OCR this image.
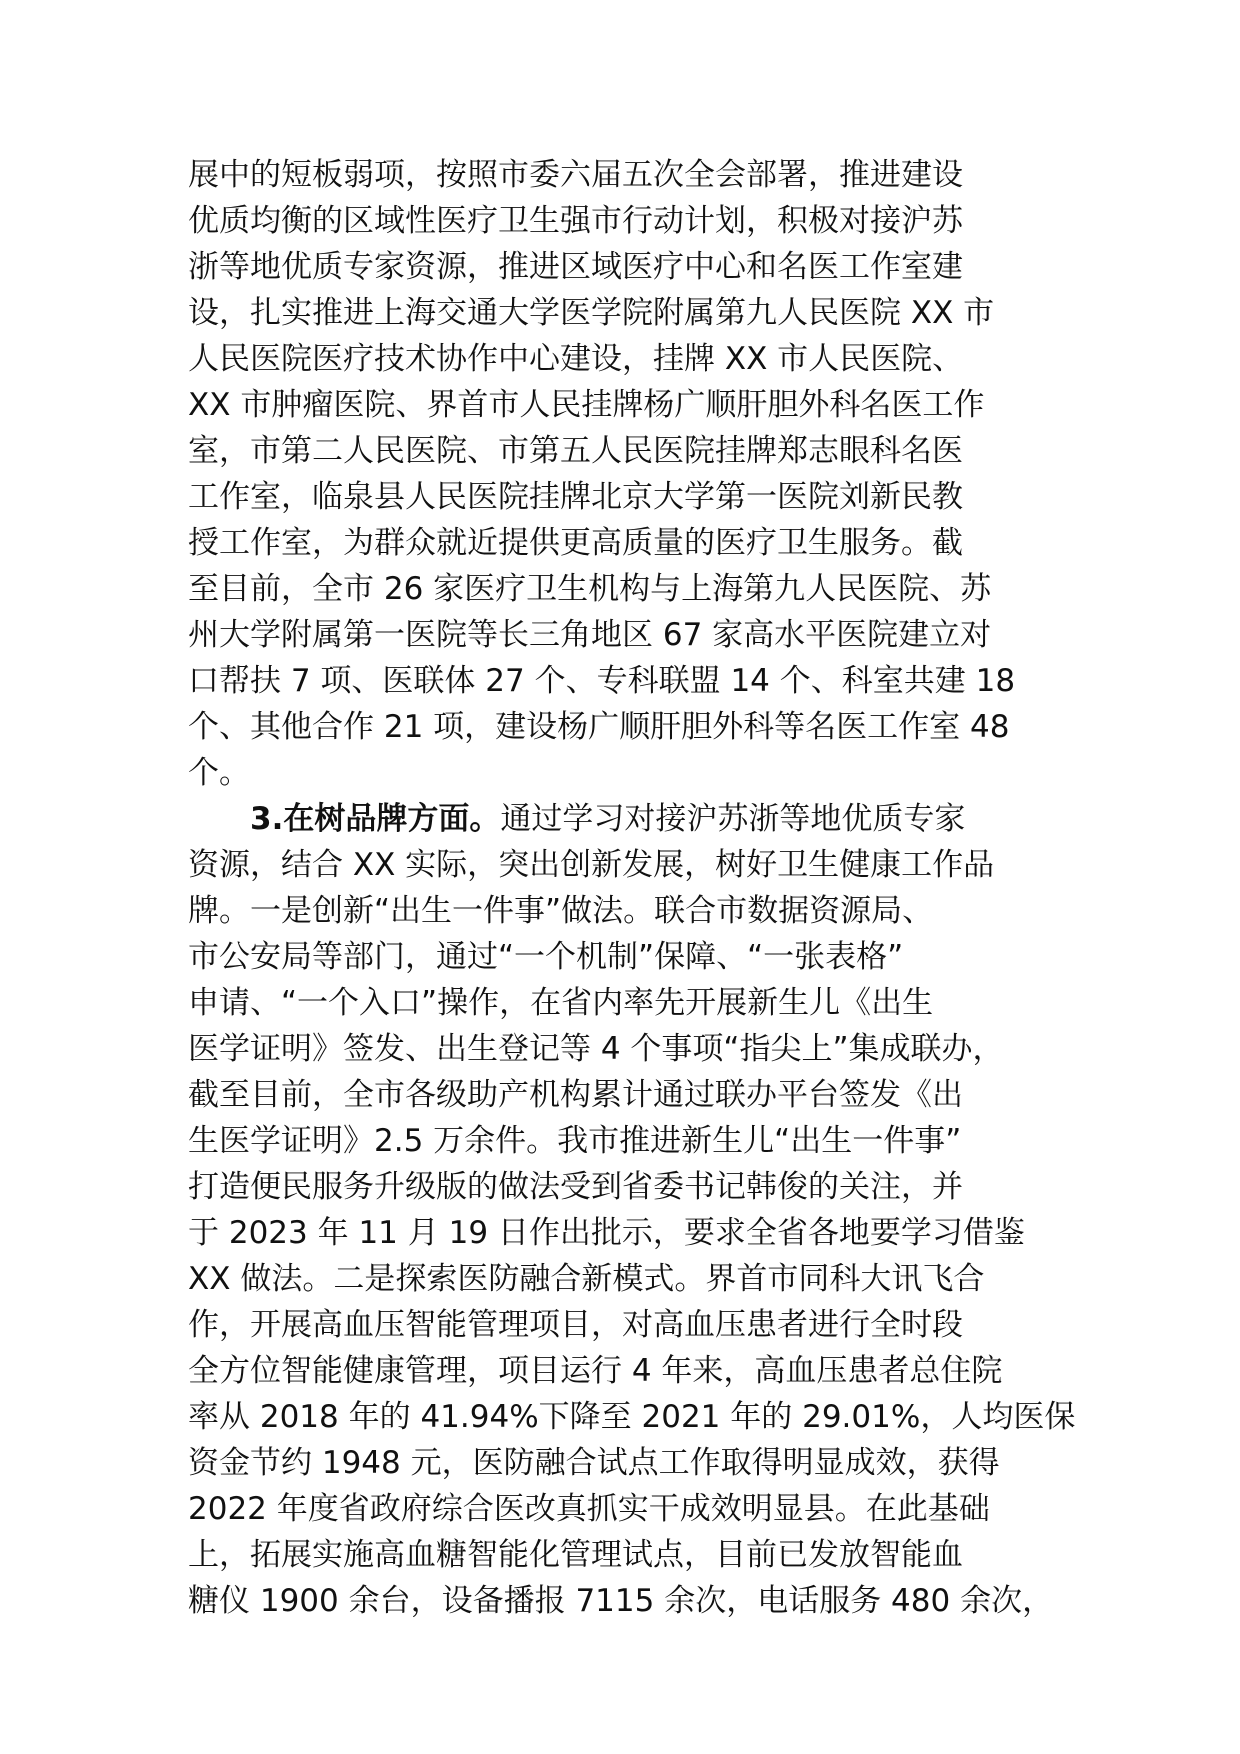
展中的短板弱项，按照市委六届五次全会部署，推进建设
优质均衡的区域性医疗卫生强市行动计划，积极对接沪苏
浙等地优质专家资源，推进区域医疗中心和名医工作室建
设，扎实推进上海交通大学医学院附属第九人民医院 XX 市
人民医院医疗技术协作中心建设，挂牌 XX 市人民医院、
XX 市肿瘤医院、界首市人民挂牌杨广顺肝胆外科名医工作
室，市第二人民医院、市第五人民医院挂牌郑志眼科名医
工作室，临泉县人民医院挂牌北京大学第一医院刘新民教
授工作室，为群众就近提供更高质量的医疗卫生服务。截
至目前，全市 26 家医疗卫生机构与上海第九人民医院、苏
州大学附属第一医院等长三角地区 67 家高水平医院建立对
口帮扶 7 项、医联体 27 个、专科联盟 14 个、科室共建 18
个、其他合作 21 项，建设杨广顺肝胆外科等名医工作室 48
个。
3.在树品牌方面。通过学习对接沪苏浙等地优质专家
资源，结合 XX 实际，突出创新发展，树好卫生健康工作品
牌。一是创新“出生一件事”做法。联合市数据资源局、
市公安局等部门，通过“一个机制”保障、“一张表格”
申请、“一个入口”操作，在省内率先开展新生儿《出生
医学证明》签发、出生登记等 4 个事项“指尖上”集成联办，
截至目前，全市各级助产机构累计通过联办平台签发《出
生医学证明》2.5 万余件。我市推进新生儿“出生一件事”
打造便民服务升级版的做法受到省委书记韩俊的关注，并
于 2023 年 11 月 19 日作出批示，要求全省各地要学习借鉴
XX 做法。二是探索医防融合新模式。界首市同科大讯飞合
作，开展高血压智能管理项目，对高血压患者进行全时段
全方位智能健康管理，项目运行 4 年来，高血压患者总住院
率从 2018 年的 41.94%下降至 2021 年的 29.01%，人均医保
资金节约 1948 元，医防融合试点工作取得明显成效，获得
2022 年度省政府综合医改真抓实干成效明显县。在此基础
上，拓展实施高血糖智能化管理试点，目前已发放智能血
糖仪 1900 余台，设备播报 7115 余次，电话服务 480 余次，
